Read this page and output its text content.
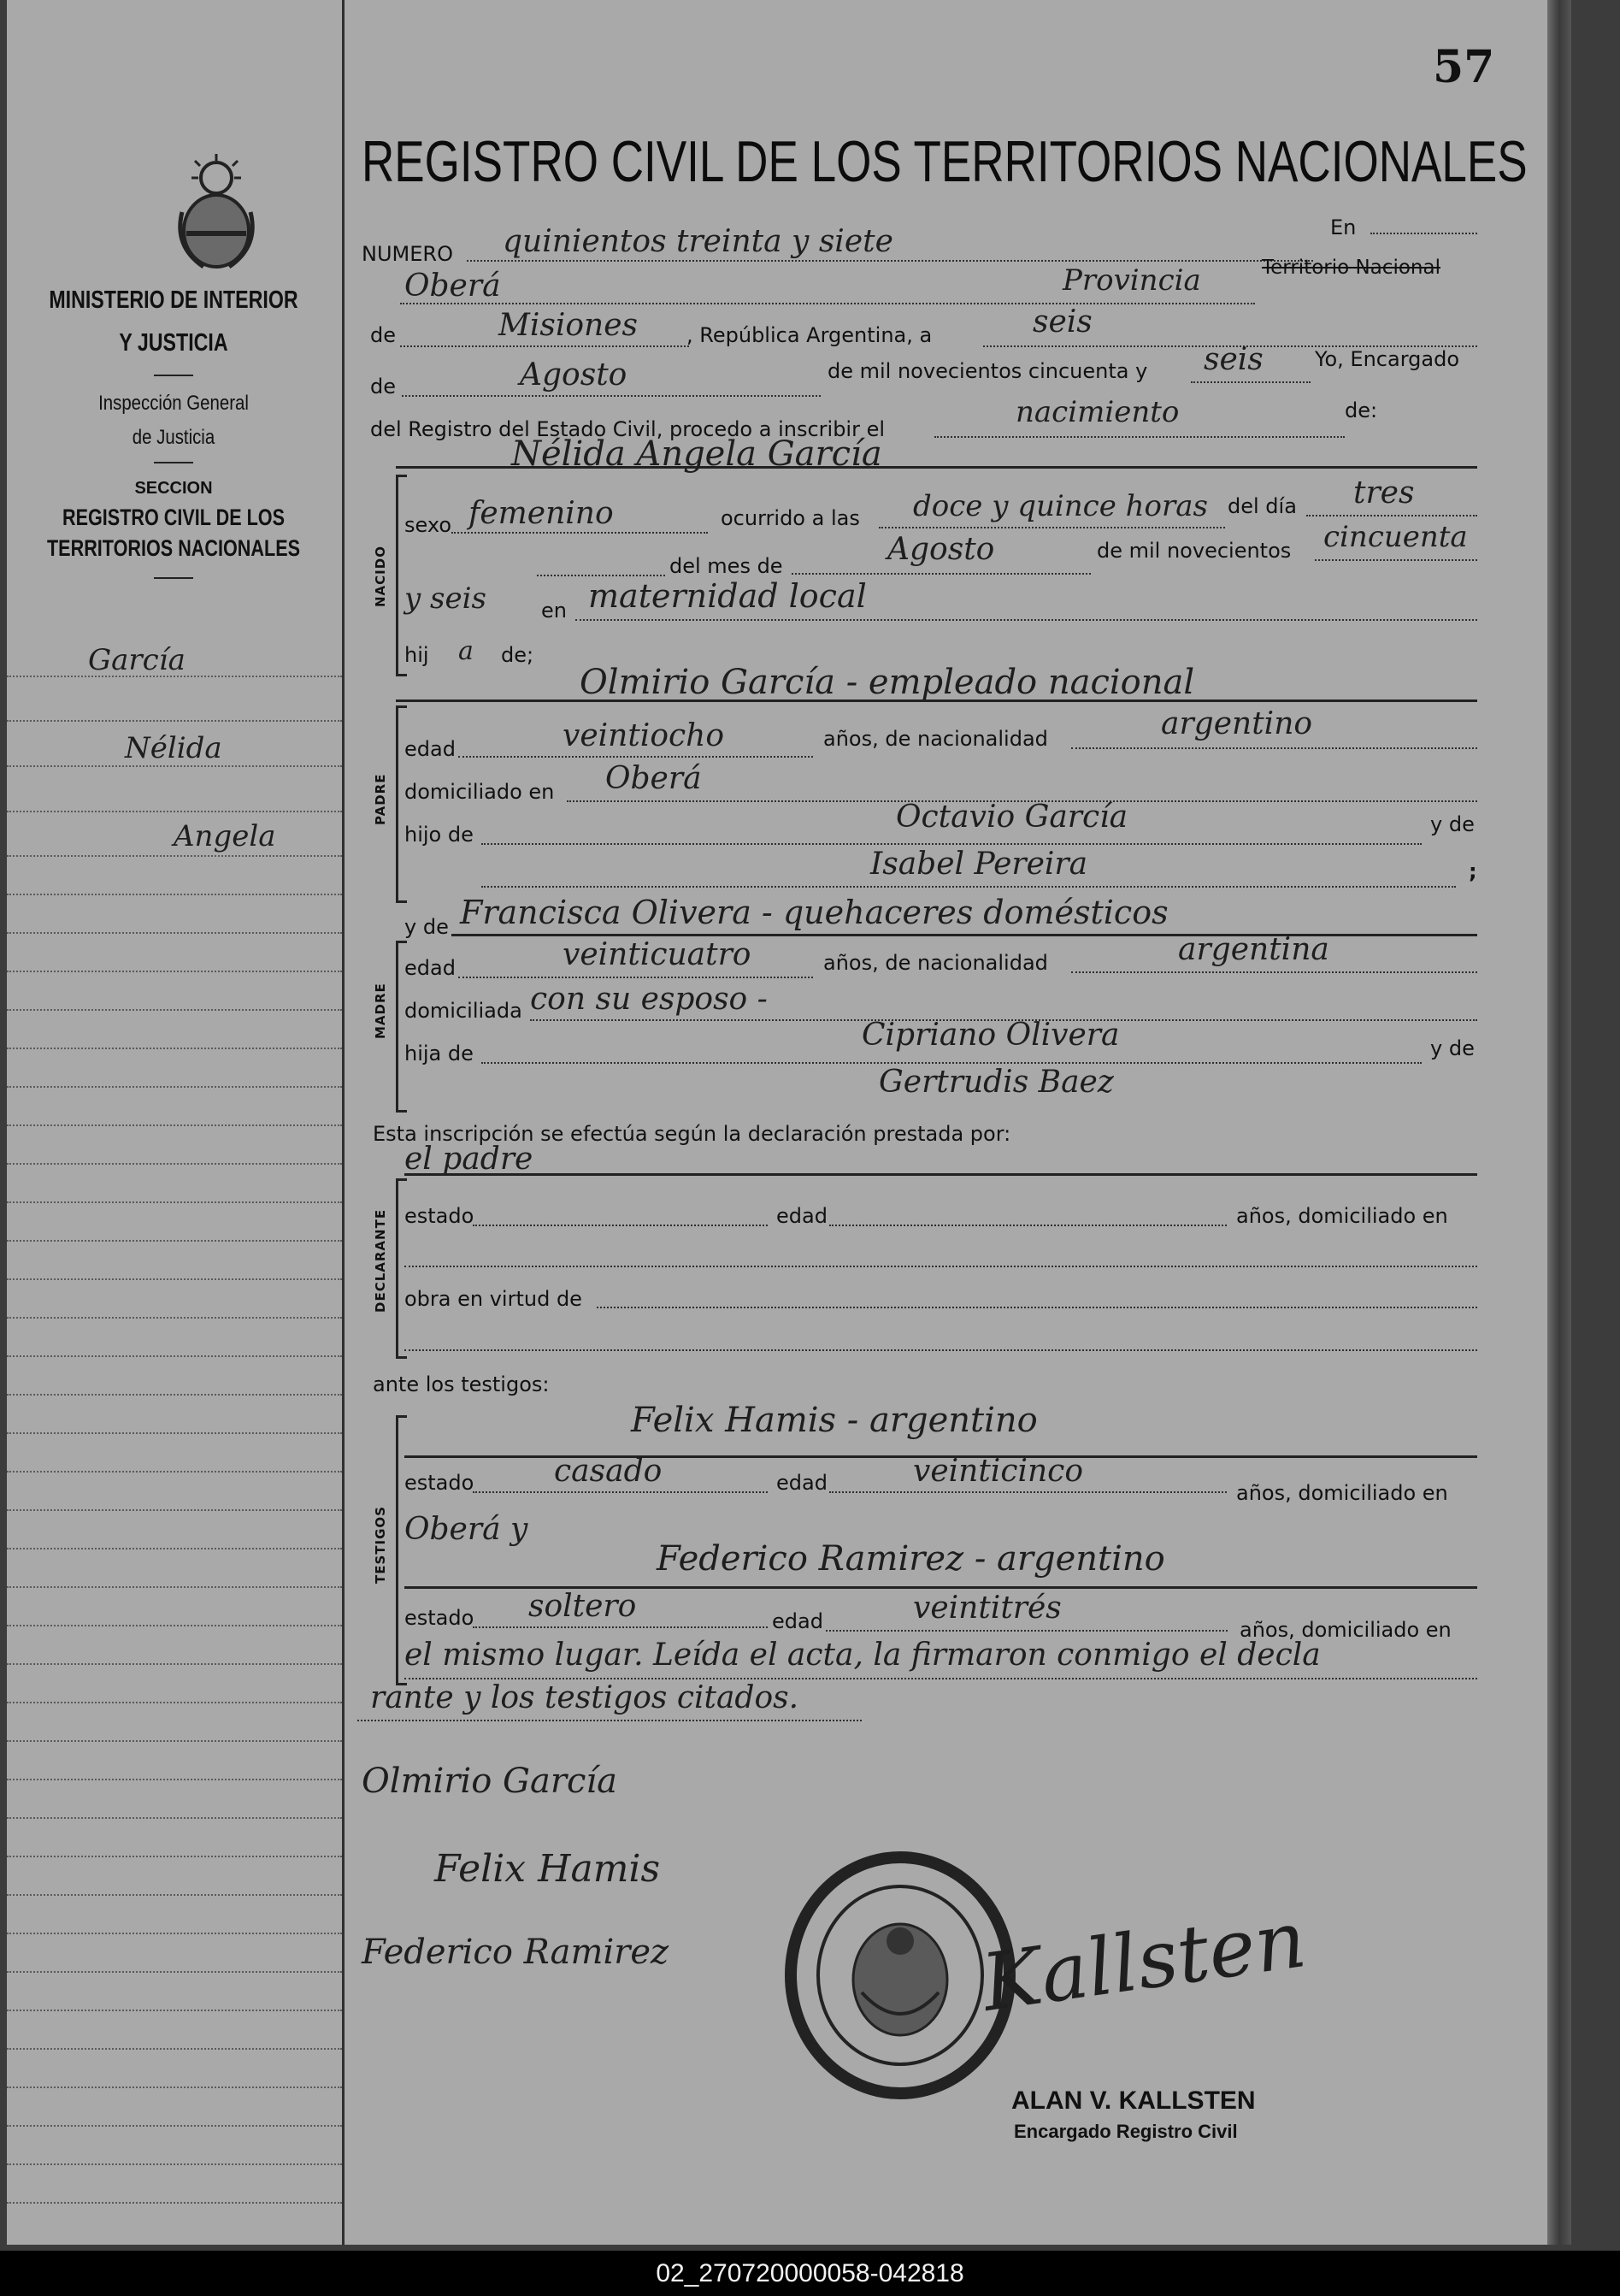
57
MINISTERIO DE INTERIOR
Y JUSTICIA
Inspección General
de Justicia
SECCION
REGISTRO CIVIL DE LOS
TERRITORIOS NACIONALES
García
Nélida
Angela
REGISTRO CIVIL DE LOS TERRITORIOS NACIONALES
NUMERO quinientos treinta y siete	En
Oberá	Provincia	Territorio Nacional
de	Misiones , República Argentina, a	seis
de	Agosto	de mil novecientos cincuenta y seis	Yo, Encargado
del Registro del Estado Civil, procedo a inscribir el	nacimiento	de:
Nélida Angela García
NACIDO
sexo femenino	ocurrido a las doce y quince horas del día tres
del mes de	Agosto	de mil novecientos cincuenta
y seis	en maternidad local
hij a de;
Olmirio García - empleado nacional
PADRE
edad	veintiocho	años, de nacionalidad	argentino
domiciliado en Oberá
hijo de	Octavio García	y de
Isabel Pereira	;
y de Francisca Olivera - quehaceres domésticos
MADRE
edad	veinticuatro	años, de nacionalidad	argentina
domiciliada con su esposo -
hija de
Cipriano Olivera	y de
Gertrudis Baez
Esta inscripción se efectúa según la declaración prestada por:
el padre
DECLARANTE estado	edad	años, domiciliado en
obra en virtud de
ante los testigos:
Felix Hamis - argentino
TESTIGOS
estado	casado	edad	veinticinco
años, domiciliado en
Oberá y
Federico Ramirez - argentino
estado soltero	edad	veintitrés
años, domiciliado en
el mismo lugar. Leída el acta, la firmaron conmigo el decla
rante y los testigos citados.
Olmirio García
Felix Hamis
Federico Ramirez	Kallsten
ALAN V. KALLSTEN
Encargado Registro Civil
02_270720000058-042818
